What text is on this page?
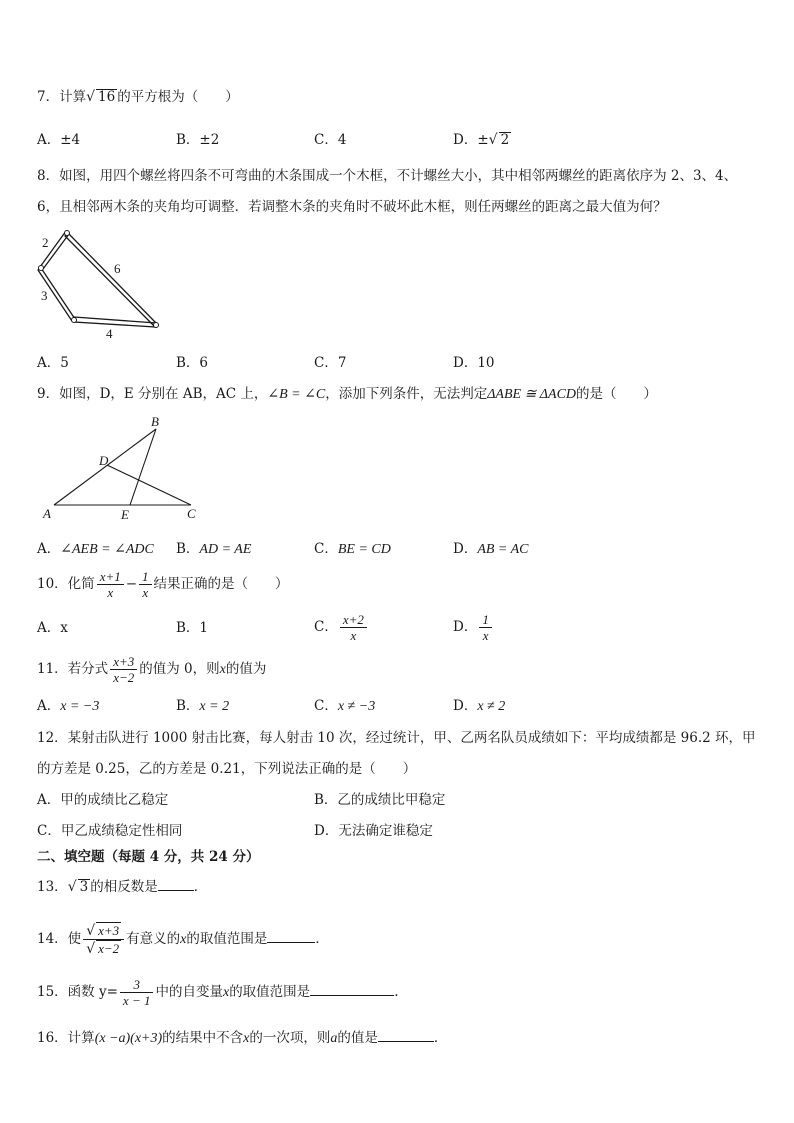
7．计算√ 16 的平方根为（　　）
A．±4	B．±2	C．4	D．±√ 2
8．如图，用四个螺丝将四条不可弯曲的木条围成一个木框，不计螺丝大小，其中相邻两螺丝的距离依序为 2、3、4、
6，且相邻两木条的夹角均可调整．若调整木条的夹角时不破坏此木框，则任两螺丝的距离之最大值为何？
2
6
3
4
A．5	B．6	C．7	D．10
9．如图，D，E 分别在 AB，AC 上，∠B = ∠C，添加下列条件，无法判定ΔABE ≅ ΔACD的是（　　）
A
B
C
D
E
A．∠AEB = ∠ADC B．AD = AE	C．BE = CD	D．AB = AC
10．化简 $\frac{x+1}{x} - \frac{1}{x}$ 结果正确的是（　　）
A．x	B．1	C． $\frac{x+2}{x}$	D． $\frac{1}{x}$
11．若分式 $\frac{x+3}{x-2}$ 的值为 0，则x的值为
A．x = −3	B．x = 2	C．x ≠ −3	D．x ≠ 2
12．某射击队进行 1000 射击比赛，每人射击 10 次，经过统计，甲、乙两名队员成绩如下：平均成绩都是 96.2 环，甲
的方差是 0.25，乙的方差是 0.21，下列说法正确的是（　　）
A．甲的成绩比乙稳定	B．乙的成绩比甲稳定
C．甲乙成绩稳定性相同	D．无法确定谁稳定
二、填空题（每题 4 分，共 24 分）
13．√ 3 的相反数是	．
14．使 $\frac{√ x+3}{√ x-2}$ 有意义的x的取值范围是	．
15．函数 $y= \frac{3}{x - 1}$ 中的自变量x的取值范围是	.
16．计算(x −a)(x+3)的结果中不含x的一次项，则a的值是	．
